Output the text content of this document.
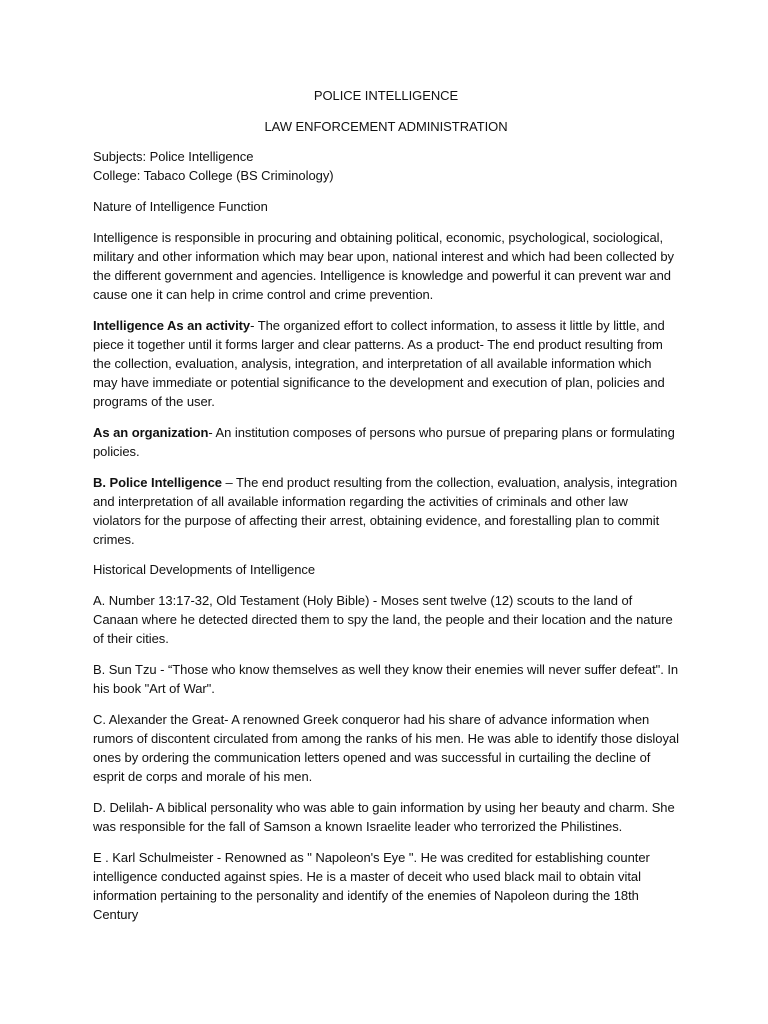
POLICE INTELLIGENCE
LAW ENFORCEMENT ADMINISTRATION
Subjects: Police Intelligence
College: Tabaco College (BS Criminology)
Nature of Intelligence Function

Intelligence is responsible in procuring and obtaining political, economic, psychological, sociological, military and other information which may bear upon, national interest and which had been collected by the different government and agencies. Intelligence is knowledge and powerful it can prevent war and cause one it can help in crime control and crime prevention.

Intelligence As an activity- The organized effort to collect information, to assess it little by little, and piece it together until it forms larger and clear patterns. As a product- The end product resulting from the collection, evaluation, analysis, integration, and interpretation of all available information which may have immediate or potential significance to the development and execution of plan, policies and programs of the user.

As an organization- An institution composes of persons who pursue of preparing plans or formulating policies.

B. Police Intelligence – The end product resulting from the collection, evaluation, analysis, integration and interpretation of all available information regarding the activities of criminals and other law violators for the purpose of affecting their arrest, obtaining evidence, and forestalling plan to commit crimes.

Historical Developments of Intelligence

A. Number 13:17-32, Old Testament (Holy Bible) - Moses sent twelve (12) scouts to the land of Canaan where he detected directed them to spy the land, the people and their location and the nature of their cities.

B. Sun Tzu - “Those who know themselves as well they know their enemies will never suffer defeat". In his book "Art of War".

C. Alexander the Great- A renowned Greek conqueror had his share of advance information when rumors of discontent circulated from among the ranks of his men. He was able to identify those disloyal ones by ordering the communication letters opened and was successful in curtailing the decline of esprit de corps and morale of his men.

D. Delilah- A biblical personality who was able to gain information by using her beauty and charm. She was responsible for the fall of Samson a known Israelite leader who terrorized the Philistines.

E . Karl Schulmeister - Renowned as " Napoleon's Eye ". He was credited for establishing counter intelligence conducted against spies. He is a master of deceit who used black mail to obtain vital information pertaining to the personality and identify of the enemies of Napoleon during the 18th Century
